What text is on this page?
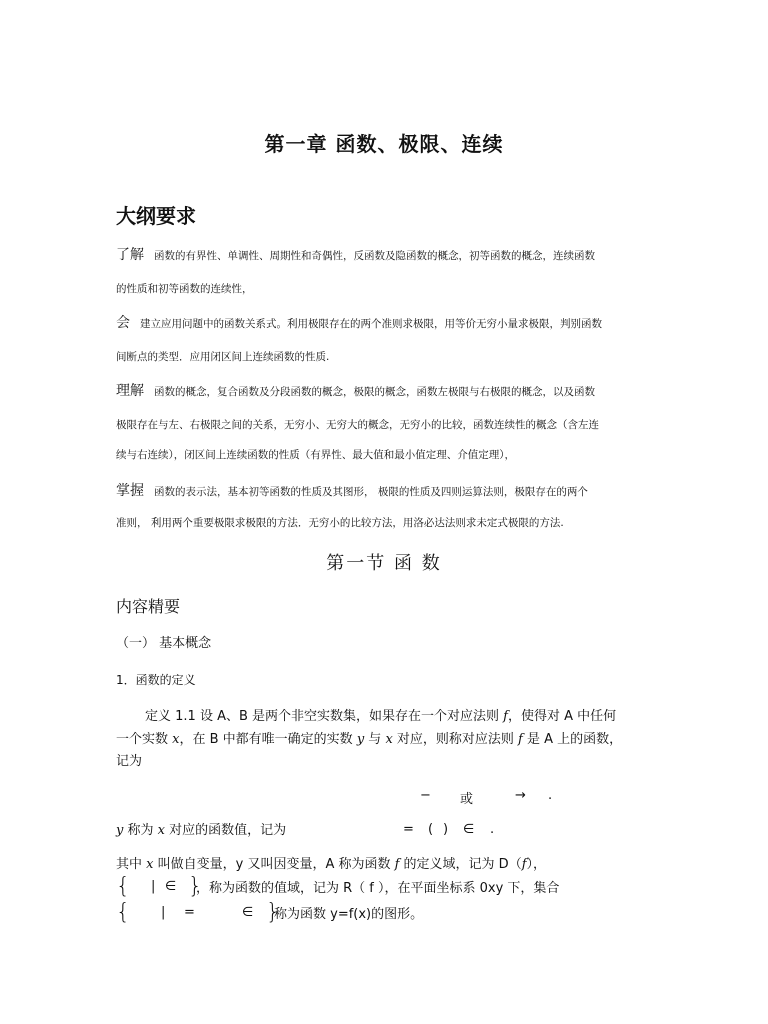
第一章 函数、极限、连续
大纲要求
了解 函数的有界性、单调性、周期性和奇偶性，反函数及隐函数的概念，初等函数的概念，连续函数
的性质和初等函数的连续性，
会 建立应用问题中的函数关系式。利用极限存在的两个准则求极限，用等价无穷小量求极限，判别函数
间断点的类型．应用闭区间上连续函数的性质.
理解 函数的概念，复合函数及分段函数的概念，极限的概念，函数左极限与右极限的概念，以及函数
极限存在与左、右极限之间的关系，无穷小、无穷大的概念，无穷小的比较，函数连续性的概念（含左连
续与右连续），闭区间上连续函数的性质（有界性、最大值和最小值定理、介值定理），
掌握 函数的表示法，基本初等函数的性质及其图形， 极限的性质及四则运算法则，极限存在的两个
准则， 利用两个重要极限求极限的方法．无穷小的比较方法，用洛必达法则求未定式极限的方法.
第一节 函 数
内容精要
（一） 基本概念
1．函数的定义
定义 1.1 设 A、B 是两个非空实数集，如果存在一个对应法则 f，使得对 A 中任何
一个实数 x，在 B 中都有唯一确定的实数 y 与 x 对应，则称对应法则 f 是 A 上的函数，
记为
− 或	→ .
y 称为 x 对应的函数值，记为	= ( ) ∈ .
其中 x 叫做自变量，y 又叫因变量，A 称为函数 f 的定义域，记为 D（f），
{ | ∈ }
，称为函数的值域，记为 R（ f ），在平面坐标系 0xy 下，集合
{ | =	∈ }
称为函数 y=f(x)的图形。
